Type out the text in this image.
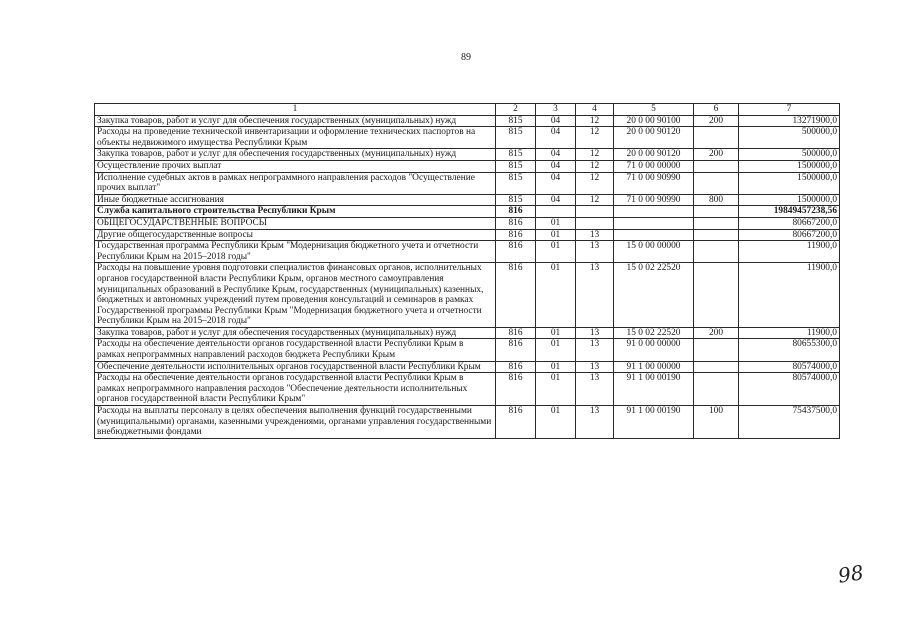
89
1	2	3	4	5	6	7
Закупка товаров, работ и услуг для обеспечения государственных (муниципальных) нужд	815	04	12	20 0 00 90100	200	13271900,0
Расходы на проведение технической инвентаризации и оформление технических паспортов на объекты недвижимого имущества Республики Крым	815	04	12	20 0 00 90120		500000,0
Закупка товаров, работ и услуг для обеспечения государственных (муниципальных) нужд	815	04	12	20 0 00 90120	200	500000,0
Осуществление прочих выплат	815	04	12	71 0 00 00000		1500000,0
Исполнение судебных актов в рамках непрограммного направления расходов "Осуществление прочих выплат"	815	04	12	71 0 00 90990		1500000,0
Иные бюджетные ассигнования	815	04	12	71 0 00 90990	800	1500000,0
Служба капитального строительства Республики Крым	816					19849457238,56
ОБЩЕГОСУДАРСТВЕННЫЕ ВОПРОСЫ	816	01				80667200,0
Другие общегосударственные вопросы	816	01	13			80667200,0
Государственная программа Республики Крым "Модернизация бюджетного учета и отчетности Республики Крым на 2015–2018 годы"	816	01	13	15 0 00 00000		11900,0
Расходы на повышение уровня подготовки специалистов финансовых органов, исполнительных органов государственной власти Республики Крым, органов местного самоуправления муниципальных образований в Республике Крым, государственных (муниципальных) казенных, бюджетных и автономных учреждений путем проведения консультаций и семинаров в рамках Государственной программы Республики Крым "Модернизация бюджетного учета и отчетности Республики Крым на 2015–2018 годы"	816	01	13	15 0 02 22520		11900,0
Закупка товаров, работ и услуг для обеспечения государственных (муниципальных) нужд	816	01	13	15 0 02 22520	200	11900,0
Расходы на обеспечение деятельности органов государственной власти Республики Крым в рамках непрограммных направлений расходов бюджета Республики Крым	816	01	13	91 0 00 00000		80655300,0
Обеспечение деятельности исполнительных органов государственной власти Республики Крым	816	01	13	91 1 00 00000		80574000,0
Расходы на обеспечение деятельности органов государственной власти Республики Крым в рамках непрограммного направления расходов "Обеспечение деятельности исполнительных органов государственной власти Республики Крым"	816	01	13	91 1 00 00190		80574000,0
Расходы на выплаты персоналу в целях обеспечения выполнения функций государственными (муниципальными) органами, казенными учреждениями, органами управления государственными внебюджетными фондами	816	01	13	91 1 00 00190	100	75437500,0
98
